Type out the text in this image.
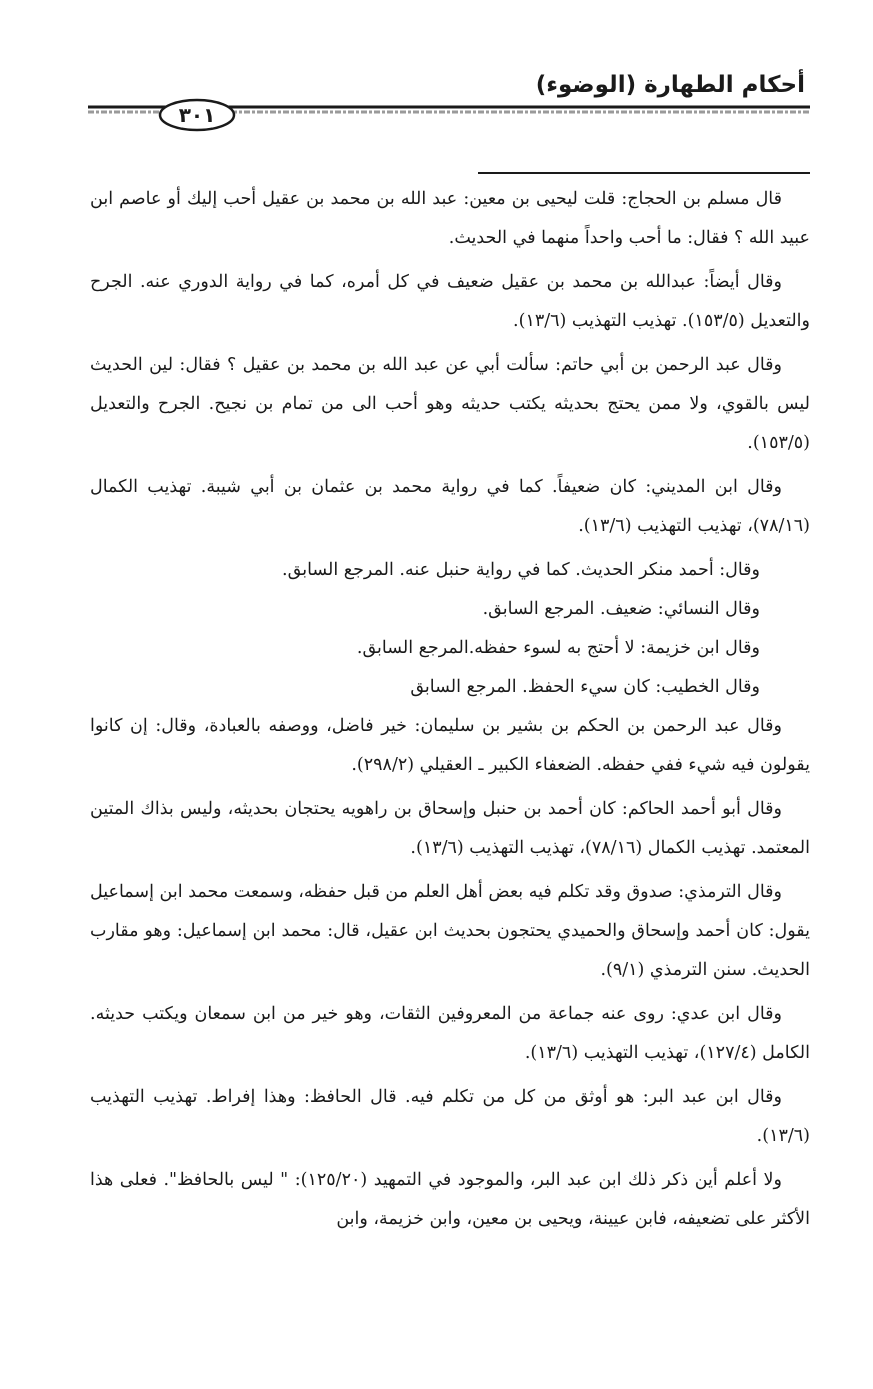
أحكام الطهارة (الوضوء)
٣٠١

قال مسلم بن الحجاج: قلت ليحيى بن معين: عبد الله بن محمد بن عقيل أحب إليك أو عاصم ابن عبيد الله ؟ فقال: ما أحب واحداً منهما في الحديث.

وقال أيضاً: عبدالله بن محمد بن عقيل ضعيف في كل أمره، كما في رواية الدوري عنه. الجرح والتعديل (١٥٣/٥). تهذيب التهذيب (١٣/٦).

وقال عبد الرحمن بن أبي حاتم: سألت أبي عن عبد الله بن محمد بن عقيل ؟ فقال: لين الحديث ليس بالقوي، ولا ممن يحتج بحديثه يكتب حديثه وهو أحب الى من تمام بن نجيح. الجرح والتعديل (١٥٣/٥).

وقال ابن المديني: كان ضعيفاً. كما في رواية محمد بن عثمان بن أبي شيبة. تهذيب الكمال (٧٨/١٦)، تهذيب التهذيب (١٣/٦).

وقال: أحمد منكر الحديث. كما في رواية حنبل عنه. المرجع السابق.

وقال النسائي: ضعيف. المرجع السابق.

وقال ابن خزيمة: لا أحتج به لسوء حفظه.المرجع السابق.

وقال الخطيب: كان سيء الحفظ. المرجع السابق

وقال عبد الرحمن بن الحكم بن بشير بن سليمان: خير فاضل، ووصفه بالعبادة، وقال: إن كانوا يقولون فيه شيء ففي حفظه. الضعفاء الكبير ـ العقيلي (٢٩٨/٢).

وقال أبو أحمد الحاكم: كان أحمد بن حنبل وإسحاق بن راهويه يحتجان بحديثه، وليس بذاك المتين المعتمد. تهذيب الكمال (٧٨/١٦)، تهذيب التهذيب (١٣/٦).

وقال الترمذي: صدوق وقد تكلم فيه بعض أهل العلم من قبل حفظه، وسمعت محمد ابن إسماعيل يقول: كان أحمد وإسحاق والحميدي يحتجون بحديث ابن عقيل، قال: محمد ابن إسماعيل: وهو مقارب الحديث. سنن الترمذي (٩/١).

وقال ابن عدي: روى عنه جماعة من المعروفين الثقات، وهو خير من ابن سمعان ويكتب حديثه. الكامل (١٢٧/٤)، تهذيب التهذيب (١٣/٦).

وقال ابن عبد البر: هو أوثق من كل من تكلم فيه. قال الحافظ: وهذا إفراط. تهذيب التهذيب (١٣/٦).

ولا أعلم أين ذكر ذلك ابن عبد البر، والموجود في التمهيد (١٢٥/٢٠): " ليس بالحافظ". فعلى هذا الأكثر على تضعيفه، فابن عيينة، ويحيى بن معين، وابن خزيمة، وابن
